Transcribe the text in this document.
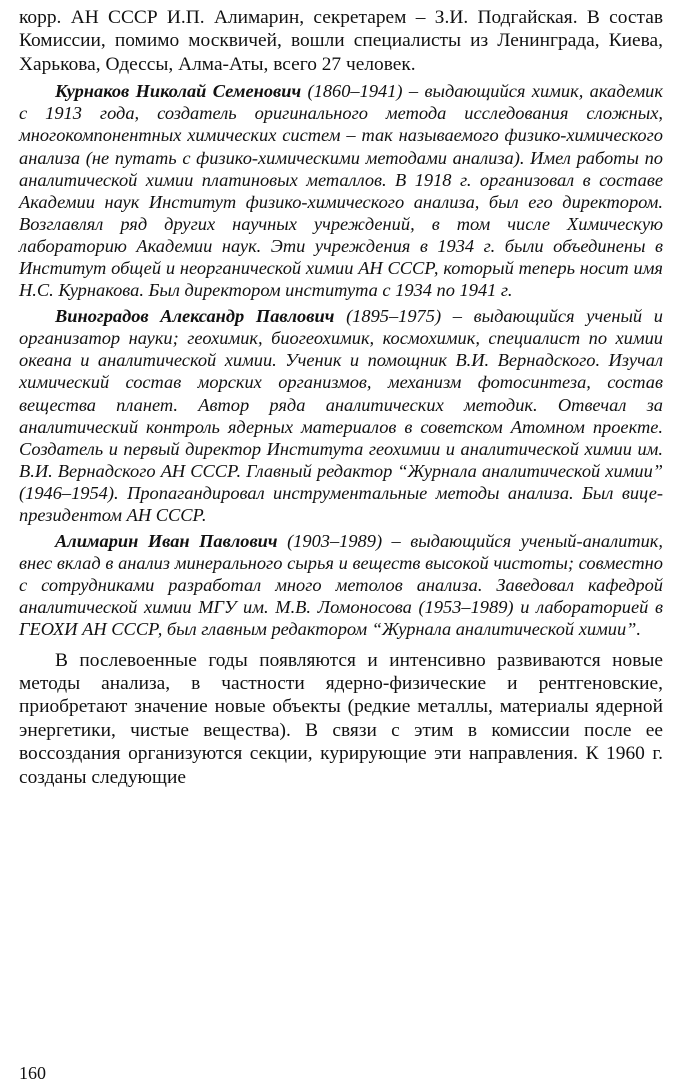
корр. АН СССР И.П. Алимарин, секретарем – З.И. Подгайская. В состав Комиссии, помимо москвичей, вошли специалисты из Ленинграда, Киева, Харькова, Одессы, Алма-Аты, всего 27 человек.

Курнаков Николай Семенович (1860–1941) – выдающийся химик, академик с 1913 года, создатель оригинального метода исследования сложных, многокомпонентных химических систем – так называемого физико-химического анализа (не путать с физико-химическими методами анализа). Имел работы по аналитической химии платиновых металлов. В 1918 г. организовал в составе Академии наук Институт физико-химического анализа, был его директором. Возглавлял ряд других научных учреждений, в том числе Химическую лабораторию Академии наук. Эти учреждения в 1934 г. были объединены в Институт общей и неорганической химии АН СССР, который теперь носит имя Н.С. Курнакова. Был директором института с 1934 по 1941 г.

Виноградов Александр Павлович (1895–1975) – выдающийся ученый и организатор науки; геохимик, биогеохимик, космохимик, специалист по химии океана и аналитической химии. Ученик и помощник В.И. Вернадского. Изучал химический состав морских организмов, механизм фотосинтеза, состав вещества планет. Автор ряда аналитических методик. Отвечал за аналитический контроль ядерных материалов в советском Атомном проекте. Создатель и первый директор Института геохимии и аналитической химии им. В.И. Вернадского АН СССР. Главный редактор “Журнала аналитической химии” (1946–1954). Пропагандировал инструментальные методы анализа. Был вице-президентом АН СССР.

Алимарин Иван Павлович (1903–1989) – выдающийся ученый-аналитик, внес вклад в анализ минерального сырья и веществ высокой чистоты; совместно с сотрудниками разработал много метолов анализа. Заведовал кафедрой аналитической химии МГУ им. М.В. Ломоносова (1953–1989) и лабораторией в ГЕОХИ АН СССР, был главным редактором “Журнала аналитической химии”.

В послевоенные годы появляются и интенсивно развиваются новые методы анализа, в частности ядерно-физические и рентгеновские, приобретают значение новые объекты (редкие металлы, материалы ядерной энергетики, чистые вещества). В связи с этим в комиссии после ее воссоздания организуются секции, курирующие эти направления. К 1960 г. созданы следующие

160
